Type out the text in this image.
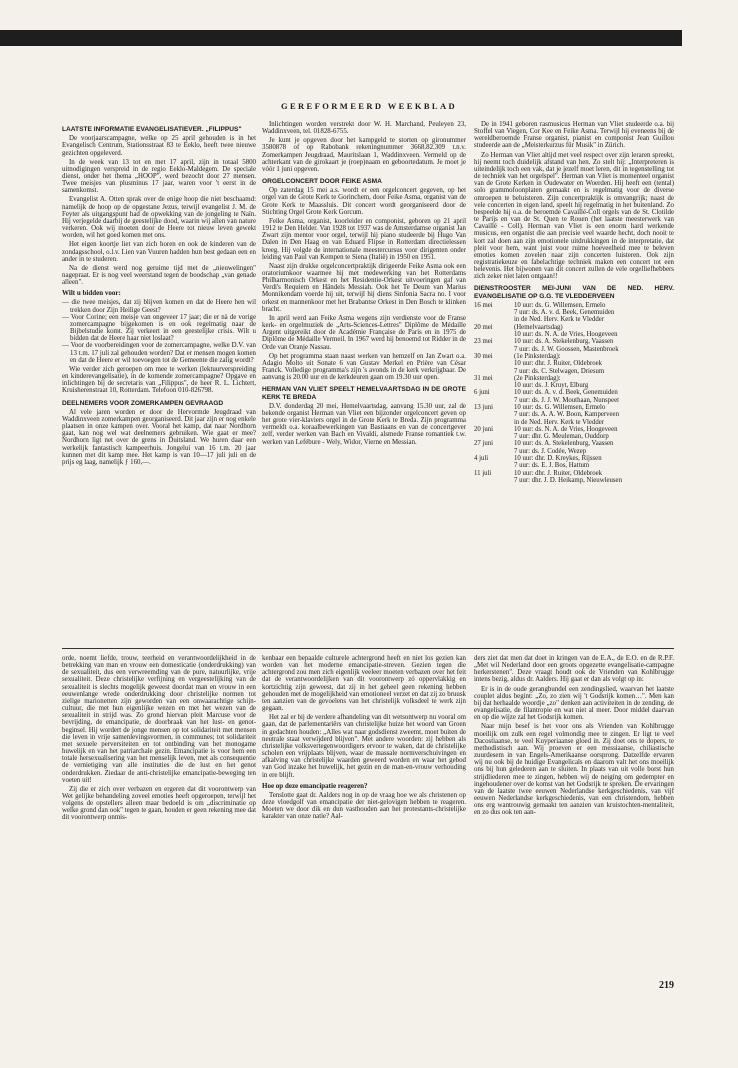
GEREFORMEERD WEEKBLAD
LAATSTE INFORMATIE EVANGELISATIEVER. „FILIPPUS"

De voorjaarscampagne, welke op 25 april gehouden is in het Evangelisch Centrum, Stationsstraat 83 te Eeklo, heeft twee nieuwe gezichten opgeleverd.

In de week van 13 tot en met 17 april, zijn in totaal 5800 uitnodigingen verspreid in de regio Eeklo-Maldegem. De speciale dienst, onder het thema „HOOP", werd bezocht door 27 mensen. Twee meisjes van plusminus 17 jaar, waren voor 't eerst in de samenkomst.

Evangelist A. Otten sprak over de enige hoop die niet beschaamd: namelijk de hoop op de opgestane Jezus, terwijl evangelist J. M. de Feyter als uitgangspunt had de opwekking van de jongeling te Naïn. Hij verjegelde daarbij de geestelijke dood, waarin wij allen van nature verkeren. Ook wij moeten door de Heere tot nieuw leven gewekt worden, wil het goed komen met ons.

Het eigen koortje liet van zich horen en ook de kinderen van de zondagsschool, o.l.v. Lien van Vuuren hadden hun best gedaan een en ander in te studeren.

Na de dienst werd nog geruime tijd met de „nieuwelingen" nagepraat. Er is nog veel weerstand tegen de boodschap „van genade alleen".

Wilt u bidden voor:
— die twee meisjes, dat zij blijven komen en dat de Heere hen wil trekken door Zijn Heilige Geest?
— Voor Corine; een meisje van ongeveer 17 jaar; die er nà de vorige zomercampagne bijgekomen is en ook regelmatig naar de Bijbelstudie komt. Zij verkeert in een geestelijke crisis. Wilt u bidden dat de Heere haar niet loslaat?
— Voor de voorbereidingen voor de zomercampagne, welke D.V. van 13 t.m. 17 juli zal gehouden worden? Dat er mensen mogen komen en dat de Heere er wil toevoegen tot de Gemeente die zalig wordt?

Wie verder zich geroepen om mee te werken (lektuurverspreiding en kinderevangelisatie), in de komende zomercampagne? Opgave en inlichtingen bij de secretaris van „Filippus", de heer R. L. Lichtert, Kruisherenstraat 10, Rotterdam. Telefoon 010-826798.

DEELNEMERS VOOR ZOMERKAMPEN GEVRAAGD

Al vele jaren worden er door de Hervormde Jeugdraad van Waddinxveen zomerkampen georganiseerd. Dit jaar zijn er nog enkele plaatsen in onze kampen over. Vooral het kamp, dat naar Nordhorn gaat, kan nog wel wat deelnemers gebruiken. Wie gaat er mee? Nordhorn ligt net over de grens in Duitsland. We huren daar een werkelijk fantastisch kampeerhuis. Jongelui van 16 t.m. 20 jaar kunnen met dit kamp mee. Het kamp is van 10—17 juli juli en de prijs eg laag, namelijk ƒ 160,—.

Inlichtingen worden verstrekt door W. H. Marchand, Peuleyen 23, Waddinxveen, tel. 01828-6755.

Je kunt je opgeven door het kampgeld te storten op gironummer 3580878 of op Rabobank rekeningnummer 3668.82.309 t.n.v. Zomerkampen Jeugdraad, Mauritslaan 1, Waddinxveen. Vermeld op de achterkant van de girokaart je (roep)naam en geboortedatum. Je moet je vóór 1 juni opgeven.

ORGELCONCERT DOOR FEIKE ASMA

Op zaterdag 15 mei a.s. wordt er een orgelconcert gegeven, op het orgel van de Grote Kerk te Gorinchem, door Feike Asma, organist van de Grote Kerk te Maassluis. Dit concert wordt georganiseerd door de Stichting Orgel Grote Kerk Gorcum.

Feike Asma, organist, koorleider en componist, geboren op 21 april 1912 te Den Helder. Van 1928 tot 1937 was de Amsterdamse organist Jan Zwart zijn mentor voor orgel, terwijl hij piano studeerde bij Hugo Van Dalen in Den Haag en van Eduard Flipse in Rotterdam directielessen kreeg. Hij volgde de internationale meestercursus voor dirigenten onder leiding van Paul van Kempen te Siena (Italië) in 1950 en 1951.

Naast zijn drukke orgelconcertpraktijk dirigeerde Feike Asma ook een oratoriumkoor waarmee hij met medewerking van het Rotterdams Philharmonisch Orkest en het Residentie-Orkest uitvoeringen gaf van Verdi's Requiem en Händels Messiah. Ook het Te Deum van Marius Monnikendam voerde hij uit, terwijl hij diens Sinfonia Sacra no. I voor orkest en mannenkoor met het Brabantse Orkest in Den Bosch te klinken bracht.

In april werd aan Feike Asma wegens zijn verdienste voor de Franse kerk- en orgelmuziek de „Arts-Sciences-Lettres" Diplôme de Médaille Argent uitgereikt door de Académie Française de Paris en in 1975 de Diplôme de Médaille Vermeil. In 1967 werd hij benoemd tot Ridder in de Orde van Oranje Nassau.

Op het programma staan naast werken van hemzelf en Jan Zwart o.a. Adagio Molto uit Sonate 6 van Gustav Merkel en Prière van César Franck. Volledige programma's zijn 's avonds in de kerk verkrijgbaar. De aanvang is 20.00 uur en de kerkdeuren gaan om 19.30 uur open.

HERMAN VAN VLIET SPEELT HEMELVAARTSDAG IN DE GROTE KERK TE BREDA

D.V. donderdag 20 mei, Hemelvaartsdag, aanvang 15.30 uur, zal de bekende organist Herman van Vliet een bijzonder orgelconcert geven op het grote vier-klaviers orgel in de Grote Kerk te Breda. Zijn programma vermeldt o.a. koraalbewerkingen van Bastiaans en van de concertgever zelf, verder werken van Bach en Vivaldi, alsmede Franse romantiek t.w. werken van Lefébure - Wely, Widor, Vierne en Messian.

De in 1941 geboren rasmusicus Herman van Vliet studeerde o.a. bij Stoffel van Viegen, Cor Kee en Feike Asma. Terwijl hij eveneens bij de wereldberoemde Franse organist, pianist en componist Jean Guillou studeerde aan de „Meisterkurzus für Musik" in Zürich.

Zo Herman van Vliet altijd met veel respect over zijn leraren spreekt, hij neemt toch duidelijk afstand van hen. Zo stelt hij: „Interpreteren is uiteindelijk toch een vak, dat je jezelf moet leren, dit in tegenstelling tot de techniek van het orgelspel". Herman van Vliet is momenteel organist van de Grote Kerken in Oudewater en Woerden. Hij heeft een (tental) solo grammofoonplaten gemaakt en is regelmatig voor de diverse omroepen te beluisteren. Zijn concertpraktijk is omvangrijk; naast de vele concerten in eigen land, speelt hij regelmatig in het buitenland. Zo bespeelde hij o.a. de beroemde Cavaillé-Coll orgels van de St. Clotilde te Parijs en van de St. Quen te Rouen (het laatste meesterwerk van Cavaillé - Coll). Herman van Vliet is een enorm hard werkende musicus, een organist die aan precisie veel waarde hecht, doch nooit te kort zal doen aan zijn emotionele uitdrukkingen in de interpretatie, dat pleit voor hem, want juist voor ruime hoeveelheid mee te beleven emoties komen zovelen naar zijn concerten luisteren. Ook zijn registratiekeuze en fabelachtige techniek maken een concert tot een belevenis. Het bijwonen van dit concert zullen de vele orgelliefhebbers zich zeker niet laten ontgaan!!

DIENSTROOSTER MEI-JUNI VAN DE NED. HERV. EVANGELISATIE OP G.G. TE VLEDDERVEEN
16 mei	10 uur: ds. G. Willemsen, Ermelo
	7 uur: ds. A. v. d. Beek, Genemuiden
	in de Ned. Herv. Kerk te Vledder
20 mei	(Hemelvaartsdag)
	10 uur: ds. N. A. de Vries, Hoogeveen
23 mei	10 uur: ds. A. Stekelenburg, Vaassen
	7 uur: ds. J. W. Goossen, Mastenbroek
30 mei	(1e Pinksterdag):
	10 uur: dhr. J. Ruiter, Oldebroek
	7 uur: ds. C. Stelwagen, Driesum
31 mei	(2e Pinksterdag):
	10 uur: ds. J. Kruyt, Elburg
6 juni	10 uur: ds. A. v. d. Beek, Genemuiden
	7 uur: ds. J. J. W. Mouthaan, Nunspeet
13 juni	10 uur: ds. G. Willemsen, Ermelo
	7 uur: ds. A. A. W. Boon, Kamperveen
	in de Ned. Herv. Kerk te Vledder
20 juni	10 uur: ds. N. A. de Vries, Hoogeveen
	7 uur: dhr. G. Meuleman, Ouddorp
27 juni	10 uur: ds. A. Stekelenburg, Vaassen
	7 uur: ds. J. Codée, Wezep
4 juli	10 uur: dhr. D. Kreykes, Rijssen
	7 uur: ds. E. J. Bos, Hattum
11 juli	10 uur: dhr. J. Ruiter, Oldebroek
	7 uur: dhr. J. D. Heikamp, Nieuwleusen

orde, noemt liefde, trouw, teerheid en verantwoordelijkheid in de betrekking van man en vrouw een domesticatie (onderdrukking) van de sexualiteit, dus een verwreemding van de pure, natuurlijke, vrije sexualiteit. Deze christelijke verfijning en vergeestelijking van de sexualiteit is slechts mogelijk geweest doordat man en vrouw in een eeuwenlange wrede onderdrukking door christelijke normen tot zielige marionetten zijn geworden van een onwaarachtige schijn-cultuur, die met hun eigenlijke wezen en met het wezen van de sexualiteit in strijd was. Zo grond hiervan pleit Marcuse voor de bevrijding, de emancipatie, de doorbraak van het lust- en genot-beginsel. Hij wordert de jonge mensen op tot solidariteit met mensen die leven in vrije samenlevingsvormen, in communes; tot solidariteit met sexuele perversiteiten en tot ontbinding van het monogame huwelijk en van het patriarchale gezin. Emancipatie is voor hem een totale hersexualisering van het menselijk leven, met als consequentie de vernietiging van alle instituties die de lust en het genot onderdrukken. Ziedaar de anti-christelijke emancipatie-beweging ten voeten uit!

Zij die er zich over verbazen en ergeren dat dit voorontwerp van Wet gelijke behandeling zoveel emoties heeft opgeroepen, terwijl het volgens de opstellers alleen maar bedoeld is om „discriminatie op welke grond dan ook" tegen te gaan, houden er geen rekening mee dat dit voorontwerp onmis-

kenbaar een bepaalde culturele achtergrond heeft en niet los gezien kan worden van het moderne emancipatie-streven. Gezien tegen die achtergrond zou men zich eigenlijk veeleer moeten verbazen over het feit dat de verantwoordelijken van dit voorontwerp zó oppervlakkig en kortzichtig zijn geweest, dat zij in het geheel geen rekening hebben gehouden met de mogelijkheid van emotioneel verzet en dat zij zo bruusk ten aanzien van de gevoelens van het christelijk volksdeel te werk zijn gegaan.

Het zal er bij de verdere afhandeling van dit wetsontwerp nu vooral om gaan, dat de parlementariërs van christelijke huize het woord van Groen in gedachten houden: „Alles wat naar godsdienst zweemt, moet buiten de neutrale staat verwijderd blijven". Met andere woorden: zij hebben als christelijke volksvertegenwoordigers ervoor te waken, dat de christelijke scholen een vrijplaats blijven, waar de massale normverschuivingen en afkalving van christelijke waarden geweerd worden en waar het gebod van God inzake het huwelijk, het gezin en de man-en-vrouw verhouding in ere blijft.

Hoe op deze emancipatie reageren?

Tenslotte gaat dr. Aalders nog in op de vraag hoe we als christenen op deze vloedgolf van emancipatie der niet-gelovigen hebben te reageren. Moeten we door dik en dun vasthouden aan het protestants-christelijke karakter van onze natie? Aal-

ders ziet dat men dat doet in kringen van de E.A., de E.O. en de R.P.F. „Met wil Nederland door een groots opgezette evangelisatie-campagne herkerstenen". Deze vraagt houdt ook de Vrienden van Kohlbrugge intens bezig, aldus dr. Aalders. Hij gaat er dan als volgt op in:

Er is in de oude gerangbundel een zendingslied, waarvan het laatste couplet aldus begint: „Zo, zo zien wij 't Godsrijk komen…". Men kan bij dat herhaalde woordje „zo" denken aan activiteiten in de zending, de evangelisatie, de filantropie en wat niet al meer. Door middel daarvan en op die wijze zal het Godsrijk komen.

Naar mijn besef is het voor ons als Vrienden van Kohlbrugge moeilijk om zulk een regel volmondig mee te zingen. Er ligt te veel Dacostiaanse, te veel Kuyperiaanse gloed in. Zij doet ons te dopers, te methodistisch aan. Wij proeven er een messiaanse, chiliastische zuurdesem in van Engels-Amerikaanse oorsprong. Datzelfde ervaren wij nu ook bij de huidige Evangelicals en daarom valt het ons moeilijk ons bij hun gelederen aan te sluiten. In plaats van uit volle borst hun strijdliederen mee te zingen, hebben wij de neiging om gedempter en ingehoudener over de komst van het Godsrijk te spreken. De ervaringen van de laatste twee eeuwen Nederlandse kerkgeschiedenis, van vijf eeuwen Nederlandse kerkgeschiedenis, van een christendom, hebben ons erg wantrouwig gemaakt ten aanzien van kruistochten-mentaliteit, en zo dus ook ten aan-

219
